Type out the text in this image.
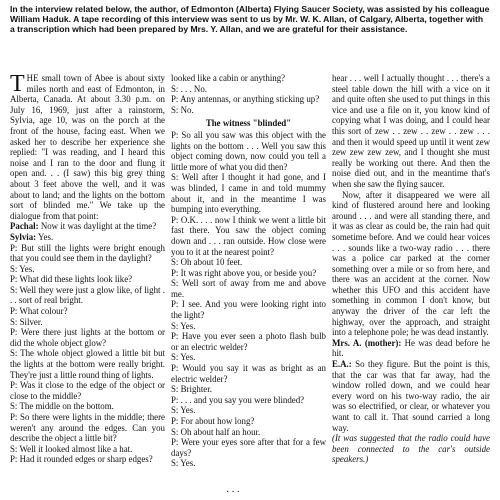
In the interview related below, the author, of Edmonton (Alberta) Flying Saucer Society, was assisted by his colleague William Haduk. A tape recording of this interview was sent to us by Mr. W. K. Allan, of Calgary, Alberta, together with a transcription which had been prepared by Mrs. Y. Allan, and we are grateful for their assistance.

THE small town of Abee is about sixty miles north and east of Edmonton, in Alberta, Canada. At about 3.30 p.m. on July 16, 1969, just after a rainstorm, Sylvia, age 10, was on the porch at the front of the house, facing east. When we asked her to describe her experience she replied: "I was reading, and I heard this noise and I ran to the door and flung it open and. . . (I saw) this big grey thing about 3 feet above the well, and it was about to land; and the lights on the bottom sort of blinded me." We take up the dialogue from that point:

Pachal: Now it was daylight at the time?

Sylvia: Yes.

P: But still the lights were bright enough that you could see them in the daylight?

S: Yes.

P: What did these lights look like?

S: Well they were just a glow like, of light . . . sort of real bright.

P: What colour?

S: Silver.

P: Were there just lights at the bottom or did the whole object glow?

S: The whole object glowed a little bit but the lights at the bottom were really bright. They're just a little round thing of lights.

P: Was it close to the edge of the object or close to the middle?

S: The middle on the bottom.

P: So there were lights in the middle; there weren't any around the edges. Can you describe the object a little bit?

S: Well it looked almost like a hat.

P: Had it rounded edges or sharp edges?

looked like a cabin or anything?

S: . . . No.

P: Any antennas, or anything sticking up?

S: No.

The witness "blinded"

P: So all you saw was this object with the lights on the bottom . . . Well you saw this object coming down, now could you tell a little more of what you did then?

S: Well after I thought it had gone, and I was blinded, I came in and told mummy about it, and in the meantime I was bumping into everything.

P: O.K. . . . now I think we went a little bit fast there. You saw the object coming down and . . . ran outside. How close were you to it at the nearest point?

S: Oh about 10 feet.

P: It was right above you, or beside you?

S: Well sort of away from me and above me.

P: I see. And you were looking right into the light?

S: Yes.

P: Have you ever seen a photo flash bulb or an electric welder?

S: Yes.

P: Would you say it was as bright as an electric welder?

S: Brighter.

P: . . . and you say you were blinded?

S: Yes.

P: For about how long?

S: Oh about half an hour.

P: Were your eyes sore after that for a few days?

S: Yes.

hear . . . well I actually thought . . . there's a steel table down the hill with a vice on it and quite often she used to put things in this vice and use a file on it, you know kind of copying what I was doing, and I could hear this sort of zew . . zew . . zew . . zew . . . and then it would speed up until it went zew zew zew zew zew, and I thought she must really be working out there. And then the noise died out, and in the meantime that's when she saw the flying saucer.

Now, after it disappeared we were all kind of flustered around here and looking around . . . and were all standing there, and it was as clear as could be, the rain had quit sometime before. And we could hear voices . . . sounds like a two-way radio . . . there was a police car parked at the corner something over a mile or so from here, and there was an accident at the corner. Now whether this UFO and this accident have something in common I don't know, but anyway the driver of the car left the highway, over the approach, and straight into a telephone pole; he was dead instantly.

Mrs. A. (mother): He was dead before he hit.

E.A.: So they figure. But the point is this, that the car was that far away, had the window rolled down, and we could hear every word on his two-way radio, the air was so electrified, or clear, or whatever you want to call it. That sound carried a long way.

(It was suggested that the radio could have been connected to the car's outside speakers.)

···
